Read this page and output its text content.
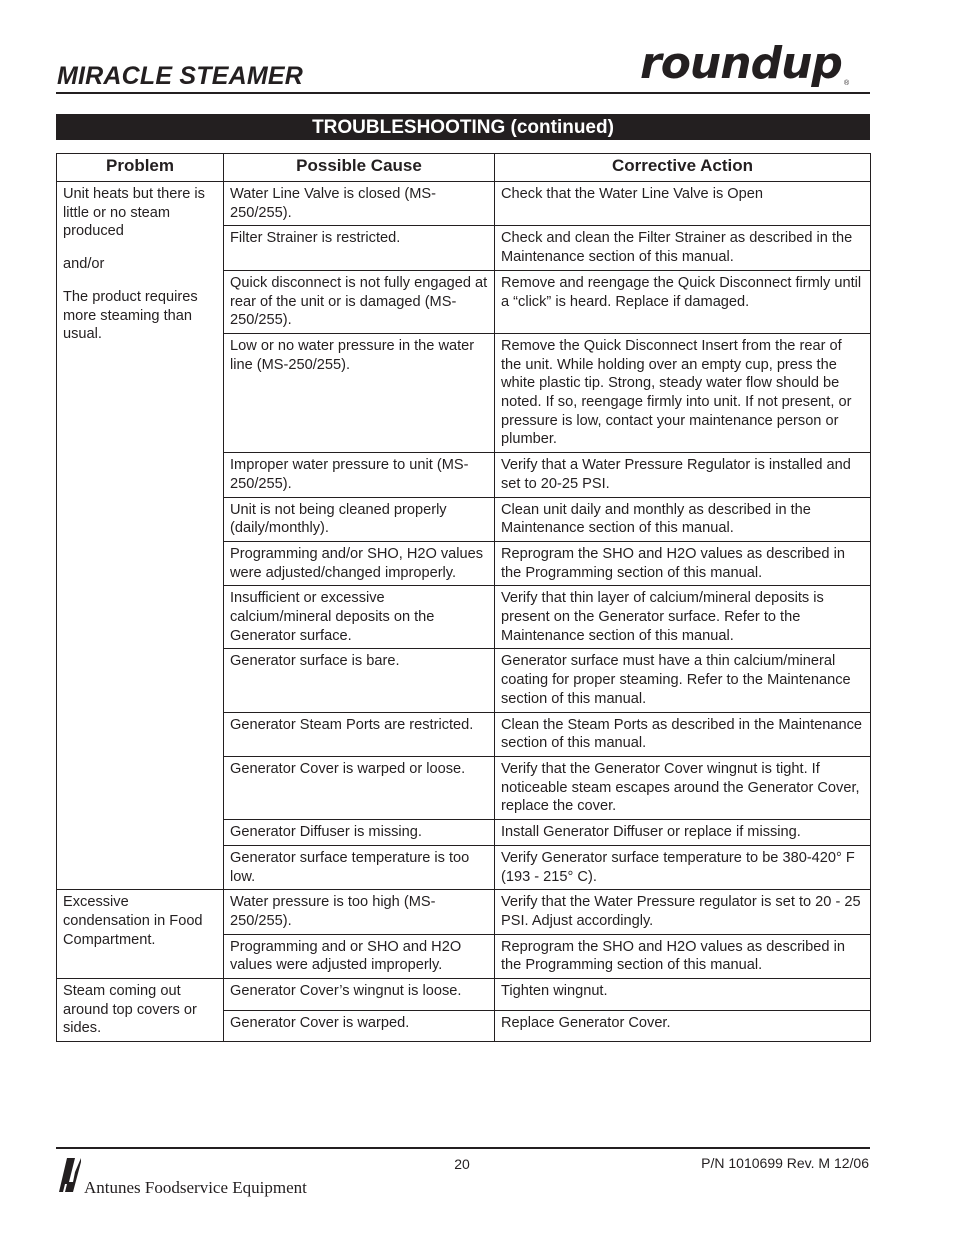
MIRACLE STEAMER	roundup ®
TROUBLESHOOTING (continued)
Problem	Possible Cause	Corrective Action

Unit heats but there is little or no steam produced
and/or
The product requires more steaming than usual.	Water Line Valve is closed (MS-250/255).	Check that the Water Line Valve is Open
	Filter Strainer is restricted.	Check and clean the Filter Strainer as described in the Maintenance section of this manual.
	Quick disconnect is not fully engaged at rear of the unit or is damaged (MS-250/255).	Remove and reengage the Quick Disconnect firmly until a “click” is heard. Replace if damaged.
	Low or no water pressure in the water line (MS-250/255).	Remove the Quick Disconnect Insert from the rear of the unit. While holding over an empty cup, press the white plastic tip. Strong, steady water flow should be noted. If so, reengage firmly into unit. If not present, or pressure is low, contact your maintenance person or plumber.
	Improper water pressure to unit (MS-250/255).	Verify that a Water Pressure Regulator is installed and set to 20-25 PSI.
	Unit is not being cleaned properly (daily/monthly).	Clean unit daily and monthly as described in the Maintenance section of this manual.
	Programming and/or SHO, H2O values were adjusted/changed improperly.	Reprogram the SHO and H2O values as described in the Programming section of this manual.
	Insufficient or excessive calcium/mineral deposits on the Generator surface.	Verify that thin layer of calcium/mineral deposits is present on the Generator surface. Refer to the Maintenance section of this manual.
	Generator surface is bare.	Generator surface must have a thin calcium/mineral coating for proper steaming. Refer to the Maintenance section of this manual.
	Generator Steam Ports are restricted.	Clean the Steam Ports as described in the Maintenance section of this manual.
	Generator Cover is warped or loose.	Verify that the Generator Cover wingnut is tight. If noticeable steam escapes around the Generator Cover, replace the cover.
	Generator Diffuser is missing.	Install Generator Diffuser or replace if missing.
	Generator surface temperature is too low.	Verify Generator surface temperature to be 380-420° F (193 - 215° C).

Excessive condensation in Food Compartment.	Water pressure is too high (MS-250/255).	Verify that the Water Pressure regulator is set to 20 - 25 PSI. Adjust accordingly.
	Programming and or SHO and H2O values were adjusted improperly.	Reprogram the SHO and H2O values as described in the Programming section of this manual.

Steam coming out around top covers or sides.	Generator Cover’s wingnut is loose.	Tighten wingnut.
	Generator Cover is warped.	Replace Generator Cover.
Antunes Foodservice Equipment
20	P/N 1010699 Rev. M 12/06
